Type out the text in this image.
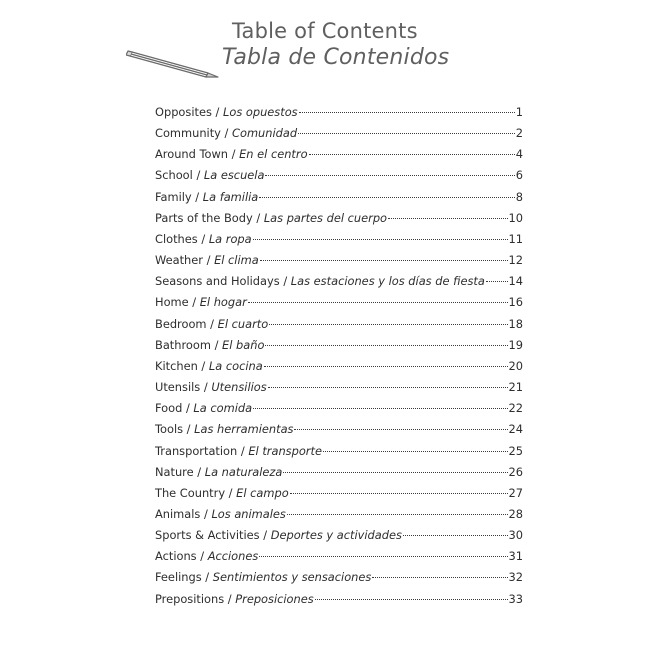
Table of Contents
Tabla de Contenidos
Opposites / Los opuestos	1
Community / Comunidad	2
Around Town / En el centro	4
School / La escuela	6
Family / La familia	8
Parts of the Body / Las partes del cuerpo	10
Clothes / La ropa	11
Weather / El clima	12
Seasons and Holidays / Las estaciones y los días de fiesta 14
Home / El hogar	16
Bedroom / El cuarto	18
Bathroom / El baño	19
Kitchen / La cocina	20
Utensils / Utensilios	21
Food / La comida	22
Tools / Las herramientas	24
Transportation / El transporte	25
Nature / La naturaleza	26
The Country / El campo	27
Animals / Los animales	28
Sports & Activities / Deportes y actividades	30
Actions / Acciones	31
Feelings / Sentimientos y sensaciones	32
Prepositions / Preposiciones	33
